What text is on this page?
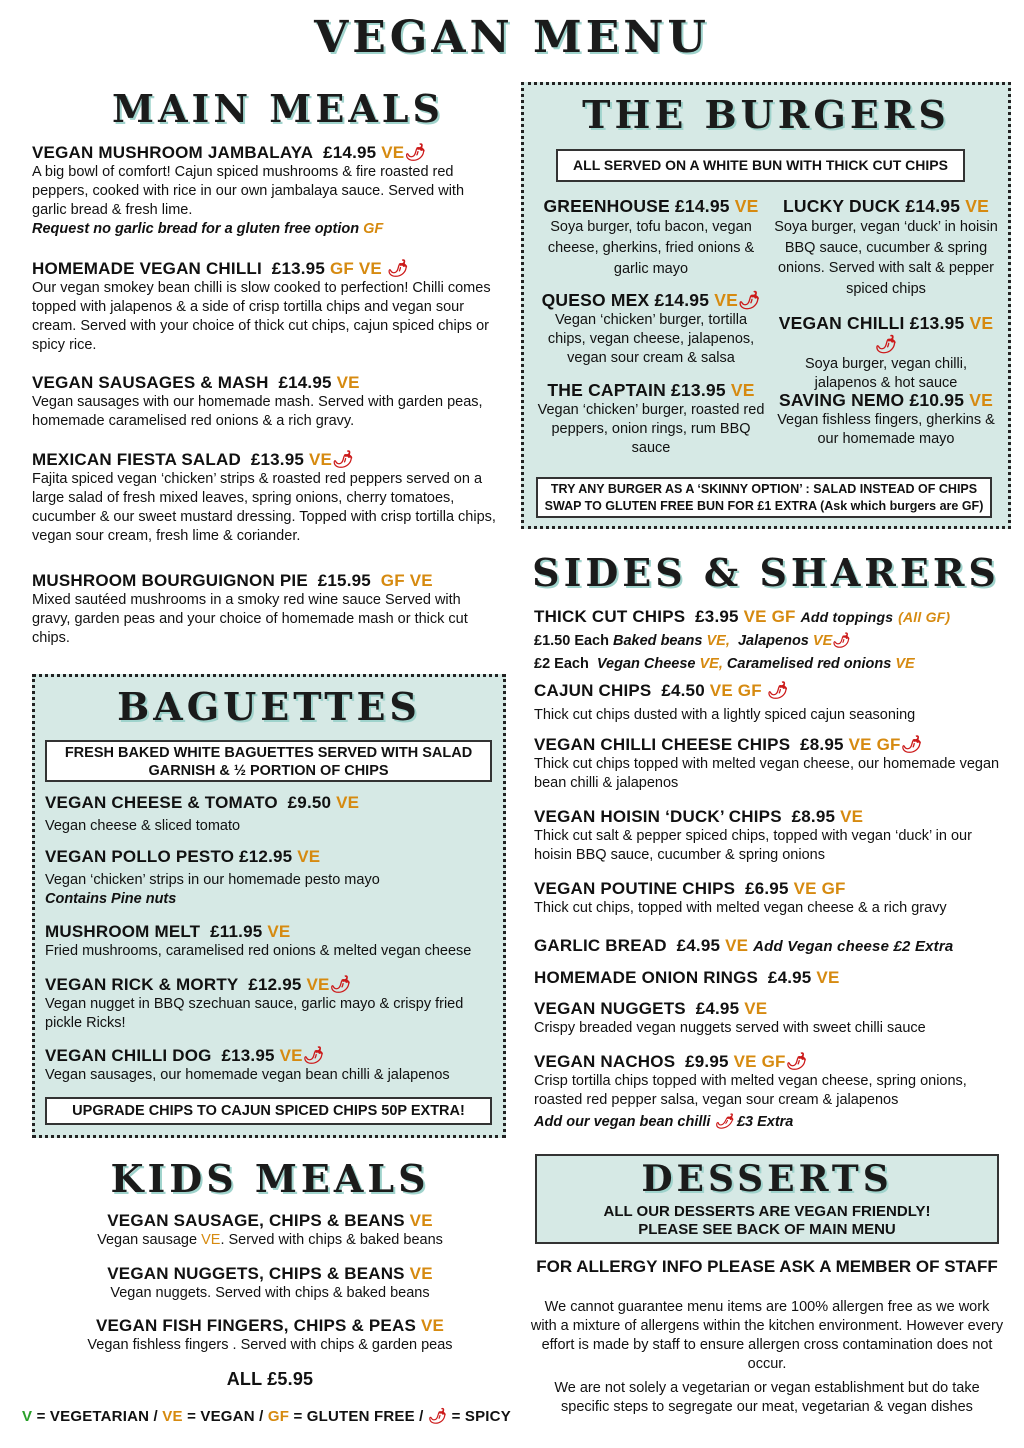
VEGAN MENU
MAIN MEALS
VEGAN MUSHROOM JAMBALAYA £14.95 VE🌶
A big bowl of comfort! Cajun spiced mushrooms & fire roasted red peppers, cooked with rice in our own jambalaya sauce. Served with garlic bread & fresh lime.
Request no garlic bread for a gluten free option GF
HOMEMADE VEGAN CHILLI £13.95 GF VE 🌶
Our vegan smokey bean chilli is slow cooked to perfection! Chilli comes topped with jalapenos & a side of crisp tortilla chips and vegan sour cream. Served with your choice of thick cut chips, cajun spiced chips or spicy rice.
VEGAN SAUSAGES & MASH £14.95 VE
Vegan sausages with our homemade mash. Served with garden peas, homemade caramelised red onions & a rich gravy.
MEXICAN FIESTA SALAD £13.95 VE🌶
Fajita spiced vegan ‘chicken’ strips & roasted red peppers served on a large salad of fresh mixed leaves, spring onions, cherry tomatoes, cucumber & our sweet mustard dressing. Topped with crisp tortilla chips, vegan sour cream, fresh lime & coriander.
MUSHROOM BOURGUIGNON PIE £15.95 GF VE
Mixed sautéed mushrooms in a smoky red wine sauce Served with gravy, garden peas and your choice of homemade mash or thick cut chips.
THE BURGERS
ALL SERVED ON A WHITE BUN WITH THICK CUT CHIPS
GREENHOUSE £14.95 VE
Soya burger, tofu bacon, vegan cheese, gherkins, fried onions & garlic mayo
QUESO MEX £14.95 VE🌶
Vegan ‘chicken’ burger, tortilla chips, vegan cheese, jalapenos, vegan sour cream & salsa
THE CAPTAIN £13.95 VE
Vegan ‘chicken’ burger, roasted red peppers, onion rings, rum BBQ sauce
LUCKY DUCK £14.95 VE
Soya burger, vegan ‘duck’ in hoisin BBQ sauce, cucumber & spring onions. Served with salt & pepper spiced chips
VEGAN CHILLI £13.95 VE🌶
Soya burger, vegan chilli, jalapenos & hot sauce
SAVING NEMO £10.95 VE
Vegan fishless fingers, gherkins & our homemade mayo
TRY ANY BURGER AS A ‘SKINNY OPTION’ : SALAD INSTEAD OF CHIPS
SWAP TO GLUTEN FREE BUN FOR £1 EXTRA (Ask which burgers are GF)
SIDES & SHARERS
THICK CUT CHIPS £3.95 VE GF Add toppings (All GF)
£1.50 Each Baked beans VE, Jalapenos VE🌶
£2 Each Vegan Cheese VE, Caramelised red onions VE
CAJUN CHIPS £4.50 VE GF 🌶
Thick cut chips dusted with a lightly spiced cajun seasoning
VEGAN CHILLI CHEESE CHIPS £8.95 VE GF🌶
Thick cut chips topped with melted vegan cheese, our homemade vegan bean chilli & jalapenos
VEGAN HOISIN ‘DUCK’ CHIPS £8.95 VE
Thick cut salt & pepper spiced chips, topped with vegan ‘duck’ in our hoisin BBQ sauce, cucumber & spring onions
VEGAN POUTINE CHIPS £6.95 VE GF
Thick cut chips, topped with melted vegan cheese & a rich gravy
GARLIC BREAD £4.95 VE Add Vegan cheese £2 Extra
HOMEMADE ONION RINGS £4.95 VE
VEGAN NUGGETS £4.95 VE
Crispy breaded vegan nuggets served with sweet chilli sauce
VEGAN NACHOS £9.95 VE GF🌶
Crisp tortilla chips topped with melted vegan cheese, spring onions, roasted red pepper salsa, vegan sour cream & jalapenos
Add our vegan bean chilli 🌶 £3 Extra
BAGUETTES
FRESH BAKED WHITE BAGUETTES SERVED WITH SALAD
GARNISH & ½ PORTION OF CHIPS
VEGAN CHEESE & TOMATO £9.50 VE
Vegan cheese & sliced tomato
VEGAN POLLO PESTO £12.95 VE
Vegan ‘chicken’ strips in our homemade pesto mayo
Contains Pine nuts
MUSHROOM MELT £11.95 VE
Fried mushrooms, caramelised red onions & melted vegan cheese
VEGAN RICK & MORTY £12.95 VE🌶
Vegan nugget in BBQ szechuan sauce, garlic mayo & crispy fried pickle Ricks!
VEGAN CHILLI DOG £13.95 VE🌶
Vegan sausages, our homemade vegan bean chilli & jalapenos
UPGRADE CHIPS TO CAJUN SPICED CHIPS 50P EXTRA!
KIDS MEALS
VEGAN SAUSAGE, CHIPS & BEANS VE
Vegan sausage VE. Served with chips & baked beans
VEGAN NUGGETS, CHIPS & BEANS VE
Vegan nuggets. Served with chips & baked beans
VEGAN FISH FINGERS, CHIPS & PEAS VE
Vegan fishless fingers . Served with chips & garden peas
ALL £5.95
V = VEGETARIAN / VE = VEGAN / GF = GLUTEN FREE / 🌶 = SPICY
DESSERTS
ALL OUR DESSERTS ARE VEGAN FRIENDLY!
PLEASE SEE BACK OF MAIN MENU
FOR ALLERGY INFO PLEASE ASK A MEMBER OF STAFF
We cannot guarantee menu items are 100% allergen free as we work with a mixture of allergens within the kitchen environment. However every effort is made by staff to ensure allergen cross contamination does not occur.
We are not solely a vegetarian or vegan establishment but do take specific steps to segregate our meat, vegetarian & vegan dishes
